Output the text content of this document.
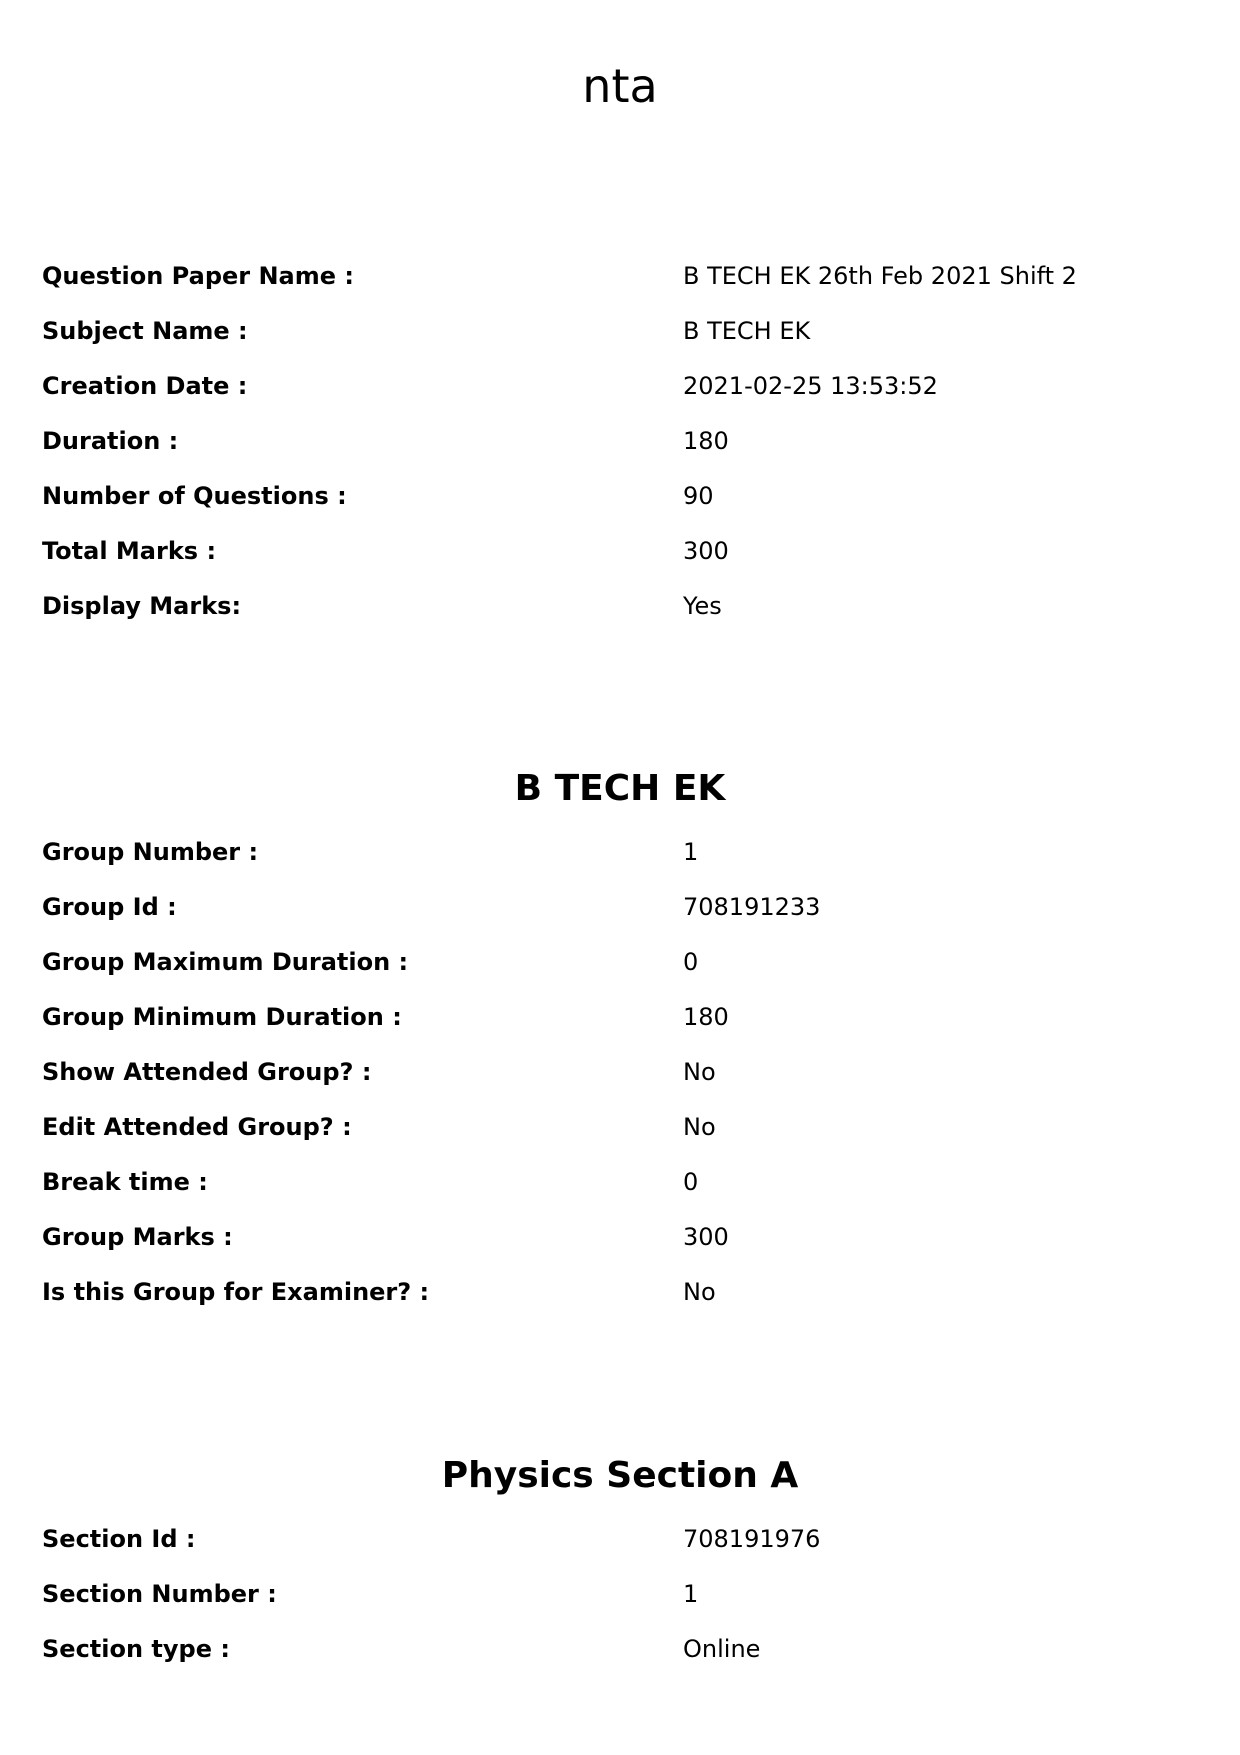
nta
Question Paper Name :	B TECH EK 26th Feb 2021 Shift 2
Subject Name :	B TECH EK
Creation Date :	2021-02-25 13:53:52
Duration :	180
Number of Questions :	90
Total Marks :	300
Display Marks:	Yes
B TECH EK
Group Number :	1
Group Id :	708191233
Group Maximum Duration :	0
Group Minimum Duration :	180
Show Attended Group? :	No
Edit Attended Group? :	No
Break time :	0
Group Marks :	300
Is this Group for Examiner? :	No
Physics Section A
Section Id :	708191976
Section Number :	1
Section type :	Online
